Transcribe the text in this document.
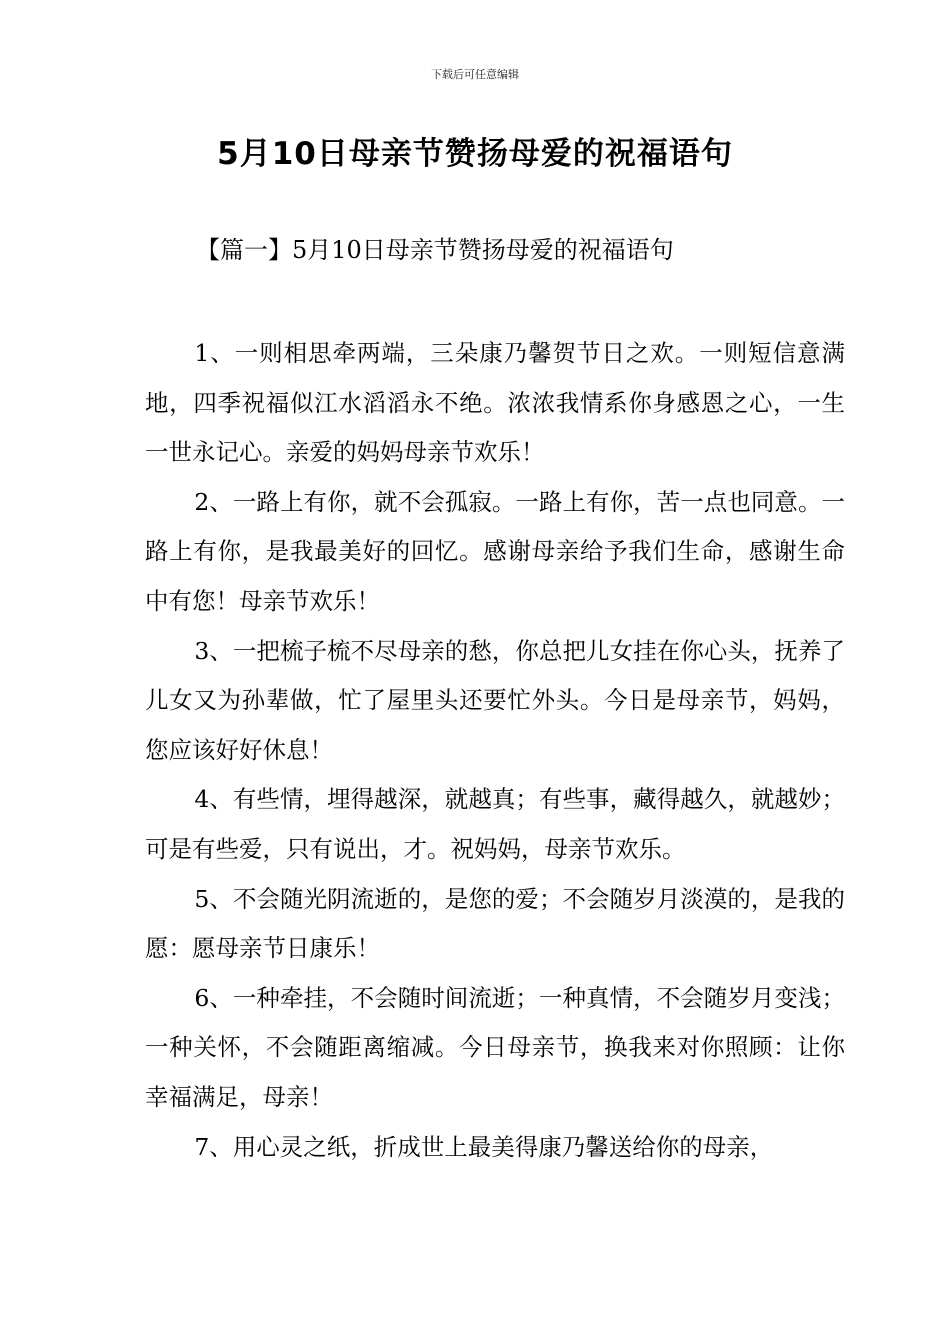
下载后可任意编辑
5月10日母亲节赞扬母爱的祝福语句
【篇一】5月10日母亲节赞扬母爱的祝福语句

1、一则相思牵两端，三朵康乃馨贺节日之欢。一则短信意满地，四季祝福似江水滔滔永不绝。浓浓我情系你身感恩之心，一生一世永记心。亲爱的妈妈母亲节欢乐！

2、一路上有你，就不会孤寂。一路上有你，苦一点也同意。一路上有你，是我最美好的回忆。感谢母亲给予我们生命，感谢生命中有您！母亲节欢乐！

3、一把梳子梳不尽母亲的愁，你总把儿女挂在你心头，抚养了儿女又为孙辈做，忙了屋里头还要忙外头。今日是母亲节，妈妈，您应该好好休息！

4、有些情，埋得越深，就越真；有些事，藏得越久，就越妙；可是有些爱，只有说出，才。祝妈妈，母亲节欢乐。

5、不会随光阴流逝的，是您的爱；不会随岁月淡漠的，是我的愿：愿母亲节日康乐！

6、一种牵挂，不会随时间流逝；一种真情，不会随岁月变浅；一种关怀，不会随距离缩减。今日母亲节，换我来对你照顾：让你幸福满足，母亲！

7、用心灵之纸，折成世上最美得康乃馨送给你的母亲，
